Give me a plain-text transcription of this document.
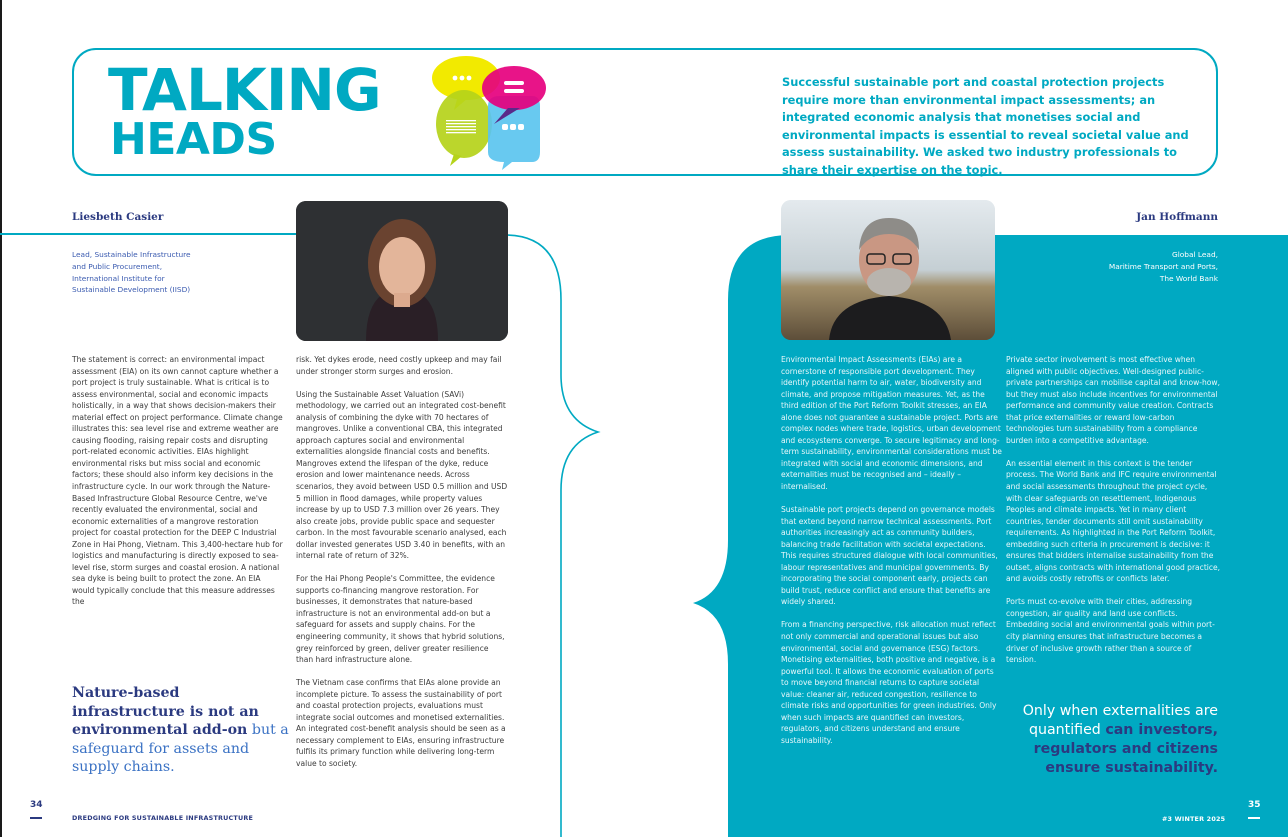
TALKING
HEADS
Successful sustainable port and coastal protection projects require more than environmental impact assessments; an integrated economic analysis that monetises social and environmental impacts is essential to reveal societal value and assess sustainability. We asked two industry professionals to share their expertise on the topic.
Liesbeth Casier
Lead, Sustainable Infrastructure
and Public Procurement,
International Institute for
Sustainable Development (IISD)

The statement is correct: an environmental impact assessment (EIA) on its own cannot capture whether a port project is truly sustainable. What is critical is to assess environmental, social and economic impacts holistically, in a way that shows decision-makers their material effect on project performance. Climate change illustrates this: sea level rise and extreme weather are causing flooding, raising repair costs and disrupting port-related economic activities. EIAs highlight environmental risks but miss social and economic factors; these should also inform key decisions in the infrastructure cycle. In our work through the Nature-Based Infrastructure Global Resource Centre, we've recently evaluated the environmental, social and economic externalities of a mangrove restoration project for coastal protection for the DEEP C Industrial Zone in Hai Phong, Vietnam. This 3,400-hectare hub for logistics and manufacturing is directly exposed to sea-level rise, storm surges and coastal erosion. A national sea dyke is being built to protect the zone. An EIA would typically conclude that this measure addresses the

risk. Yet dykes erode, need costly upkeep and may fail under stronger storm surges and erosion.

Using the Sustainable Asset Valuation (SAVi) methodology, we carried out an integrated cost-benefit analysis of combining the dyke with 70 hectares of mangroves. Unlike a conventional CBA, this integrated approach captures social and environmental externalities alongside financial costs and benefits. Mangroves extend the lifespan of the dyke, reduce erosion and lower maintenance needs. Across scenarios, they avoid between USD 0.5 million and USD 5 million in flood damages, while property values increase by up to USD 7.3 million over 26 years. They also create jobs, provide public space and sequester carbon. In the most favourable scenario analysed, each dollar invested generates USD 3.40 in benefits, with an internal rate of return of 32%.

For the Hai Phong People's Committee, the evidence supports co-financing mangrove restoration. For businesses, it demonstrates that nature-based infrastructure is not an environmental add-on but a safeguard for assets and supply chains. For the engineering community, it shows that hybrid solutions, grey reinforced by green, deliver greater resilience than hard infrastructure alone.

The Vietnam case confirms that EIAs alone provide an incomplete picture. To assess the sustainability of port and coastal protection projects, evaluations must integrate social outcomes and monetised externalities. An integrated cost-benefit analysis should be seen as a necessary complement to EIAs, ensuring infrastructure fulfils its primary function while delivering long-term value to society.

Nature-based infrastructure is not an environmental add-on but a safeguard for assets and supply chains.
34
DREDGING FOR SUSTAINABLE INFRASTRUCTURE
Jan Hoffmann
Global Lead,
Maritime Transport and Ports,
The World Bank

Environmental Impact Assessments (EIAs) are a cornerstone of responsible port development. They identify potential harm to air, water, biodiversity and climate, and propose mitigation measures. Yet, as the third edition of the Port Reform Toolkit stresses, an EIA alone does not guarantee a sustainable project. Ports are complex nodes where trade, logistics, urban development and ecosystems converge. To secure legitimacy and long-term sustainability, environmental considerations must be integrated with social and economic dimensions, and externalities must be recognised and – ideally – internalised.

Sustainable port projects depend on governance models that extend beyond narrow technical assessments. Port authorities increasingly act as community builders, balancing trade facilitation with societal expectations. This requires structured dialogue with local communities, labour representatives and municipal governments. By incorporating the social component early, projects can build trust, reduce conflict and ensure that benefits are widely shared.

From a financing perspective, risk allocation must reflect not only commercial and operational issues but also environmental, social and governance (ESG) factors. Monetising externalities, both positive and negative, is a powerful tool. It allows the economic evaluation of ports to move beyond financial returns to capture societal value: cleaner air, reduced congestion, resilience to climate risks and opportunities for green industries. Only when such impacts are quantified can investors, regulators, and citizens understand and ensure sustainability.

Private sector involvement is most effective when aligned with public objectives. Well-designed public-private partnerships can mobilise capital and know-how, but they must also include incentives for environmental performance and community value creation. Contracts that price externalities or reward low-carbon technologies turn sustainability from a compliance burden into a competitive advantage.

An essential element in this context is the tender process. The World Bank and IFC require environmental and social assessments throughout the project cycle, with clear safeguards on resettlement, Indigenous Peoples and climate impacts. Yet in many client countries, tender documents still omit sustainability requirements. As highlighted in the Port Reform Toolkit, embedding such criteria in procurement is decisive: it ensures that bidders internalise sustainability from the outset, aligns contracts with international good practice, and avoids costly retrofits or conflicts later.

Ports must co-evolve with their cities, addressing congestion, air quality and land use conflicts. Embedding social and environmental goals within port-city planning ensures that infrastructure becomes a driver of inclusive growth rather than a source of tension.

Only when externalities are quantified can investors, regulators and citizens ensure sustainability.
35
#3 WINTER 2025
